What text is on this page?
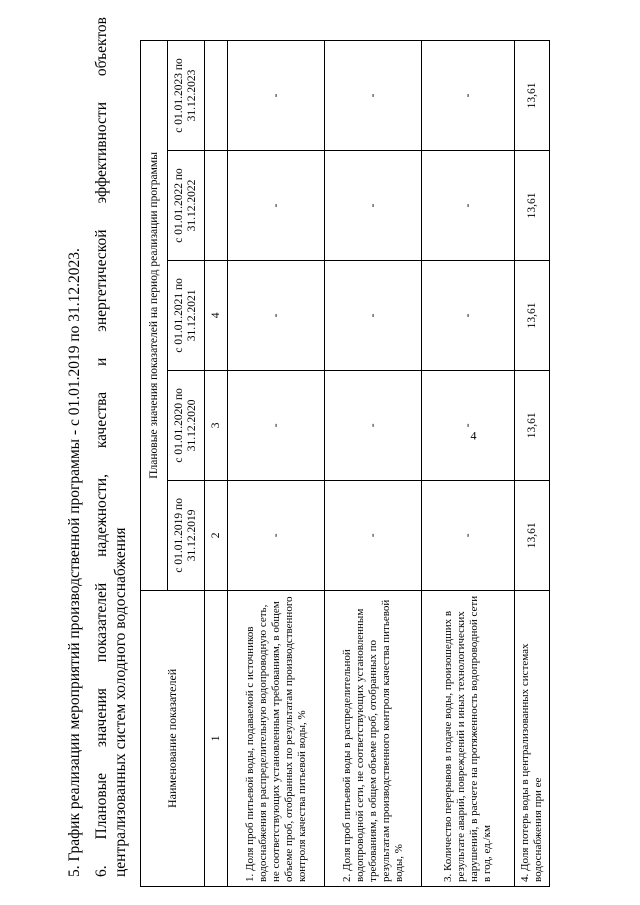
4
5. График реализации мероприятий производственной программы - с 01.01.2019 по 31.12.2023. 6. Плановые значения показателей надежности, качества и энергетической эффективности объектов централизованных систем холодного водоснабжения	Наименование показателей	Плановые значения показателей на период реализации программы				
	с 01.01.2019 по 31.12.2019	с 01.01.2020 по 31.12.2020	с 01.01.2021 по 31.12.2021	с 01.01.2022 по 31.12.2022	с 01.01.2023 по 31.12.2023
1	2	3	4		
1. Доля проб питьевой воды, подаваемой с источников водоснабжения в распределительную водопроводную сеть, не соответствующих установленным требованиям, в общем объеме проб, отобранных по результатам производственного контроля качества питьевой воды, %	-	-	-	-	-
2. Доля проб питьевой воды в распределительной водопроводной сети, не соответствующих установленным требованиям, в общем объеме проб, отобранных по результатам производственного контроля качества питьевой воды, %	-	-	-	-	-
3. Количество перерывов в подаче воды, произошедших в результате аварий, повреждений и иных технологических нарушений, в расчете на протяженность водопроводной сети в год, ед./км	-	-	-	-	-
4. Доля потерь воды в централизованных системах водоснабжения при ее	13,61	13,61	13,61	13,61	13,61
